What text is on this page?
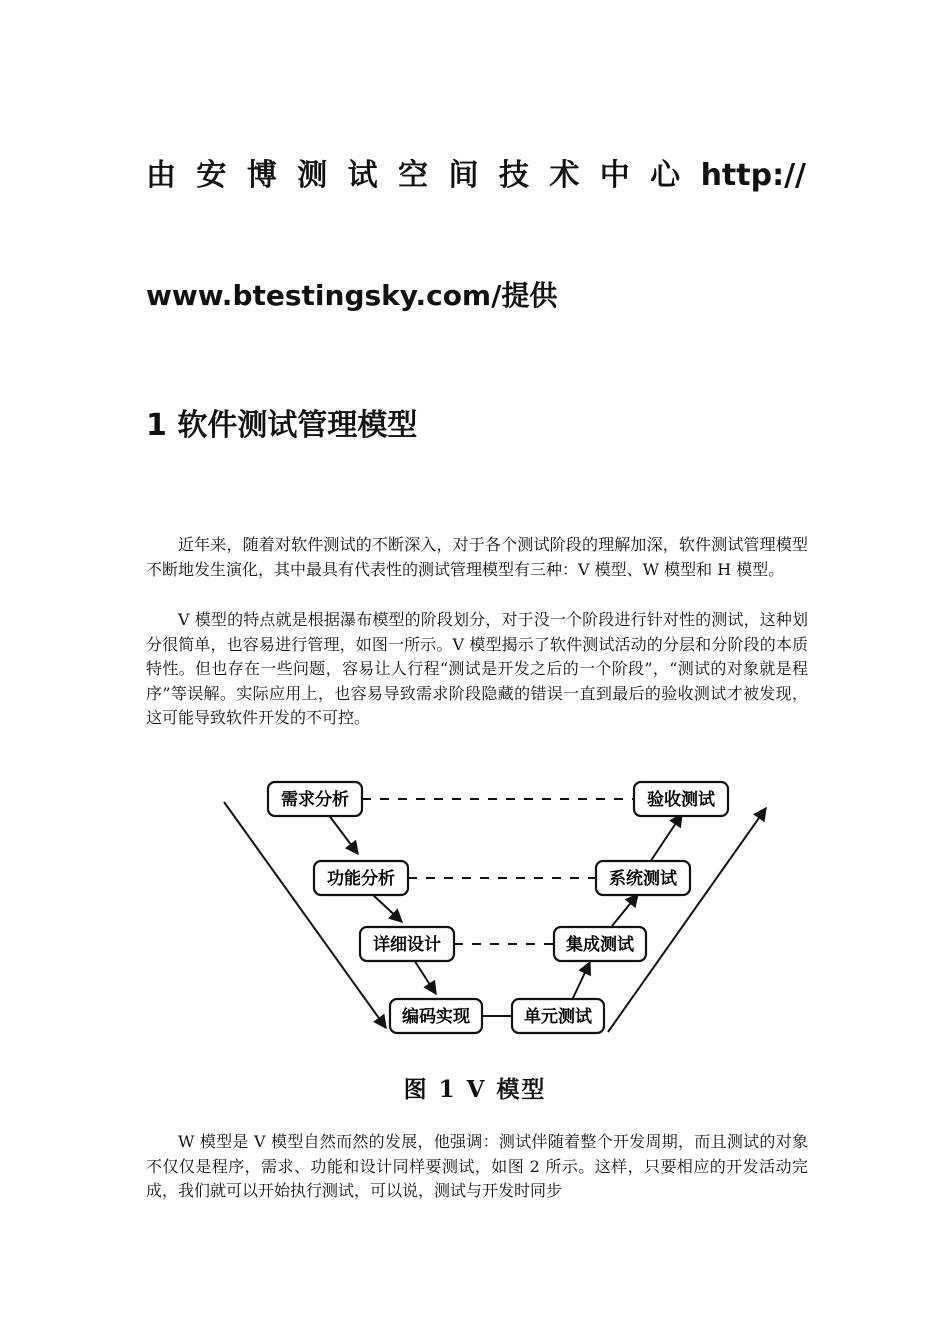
由 安 博 测 试 空 间 技 术 中 心 http://
www.btestingsky.com/提供
1 软件测试管理模型

近年来，随着对软件测试的不断深入，对于各个测试阶段的理解加深，软件测试管理模型不断地发生演化，其中最具有代表性的测试管理模型有三种：V 模型、W 模型和 H 模型。

V 模型的特点就是根据瀑布模型的阶段划分，对于没一个阶段进行针对性的测试，这种划分很简单，也容易进行管理，如图一所示。V 模型揭示了软件测试活动的分层和分阶段的本质特性。但也存在一些问题，容易让人行程“测试是开发之后的一个阶段”，“测试的对象就是程序”等误解。实际应用上，也容易导致需求阶段隐藏的错误一直到最后的验收测试才被发现，这可能导致软件开发的不可控。

需求分析
功能分析
详细设计
编码实现
验收测试
系统测试
集成测试
单元测试
图 1 V 模型

W 模型是 V 模型自然而然的发展，他强调：测试伴随着整个开发周期，而且测试的对象不仅仅是程序，需求、功能和设计同样要测试，如图 2 所示。这样，只要相应的开发活动完成，我们就可以开始执行测试，可以说，测试与开发时同步
